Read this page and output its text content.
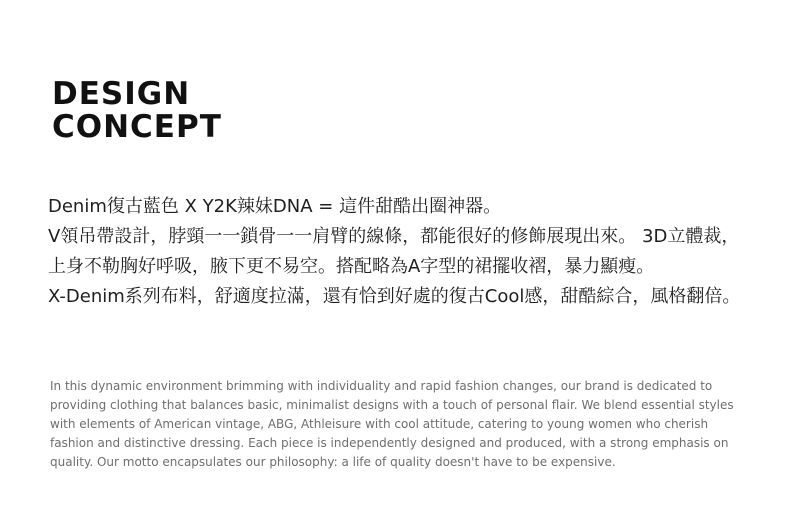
DESIGN
CONCEPT

Denim復古藍色 X Y2K辣妹DNA = 這件甜酷出圈神器。

V領吊帶設計，脖頸一一鎖骨一一肩臂的線條，都能很好的修飾展現出來。 3D立體裁，上身不勒胸好呼吸，腋下更不易空。搭配略為A字型的裙擺收褶，暴力顯瘦。

X-Denim系列布料，舒適度拉滿，還有恰到好處的復古Cool感，甜酷綜合，風格翻倍。

In this dynamic environment brimming with individuality and rapid fashion changes, our brand is dedicated to providing clothing that balances basic, minimalist designs with a touch of personal flair. We blend essential styles with elements of American vintage, ABG, Athleisure with cool attitude, catering to young women who cherish fashion and distinctive dressing. Each piece is independently designed and produced, with a strong emphasis on quality. Our motto encapsulates our philosophy: a life of quality doesn't have to be expensive.
